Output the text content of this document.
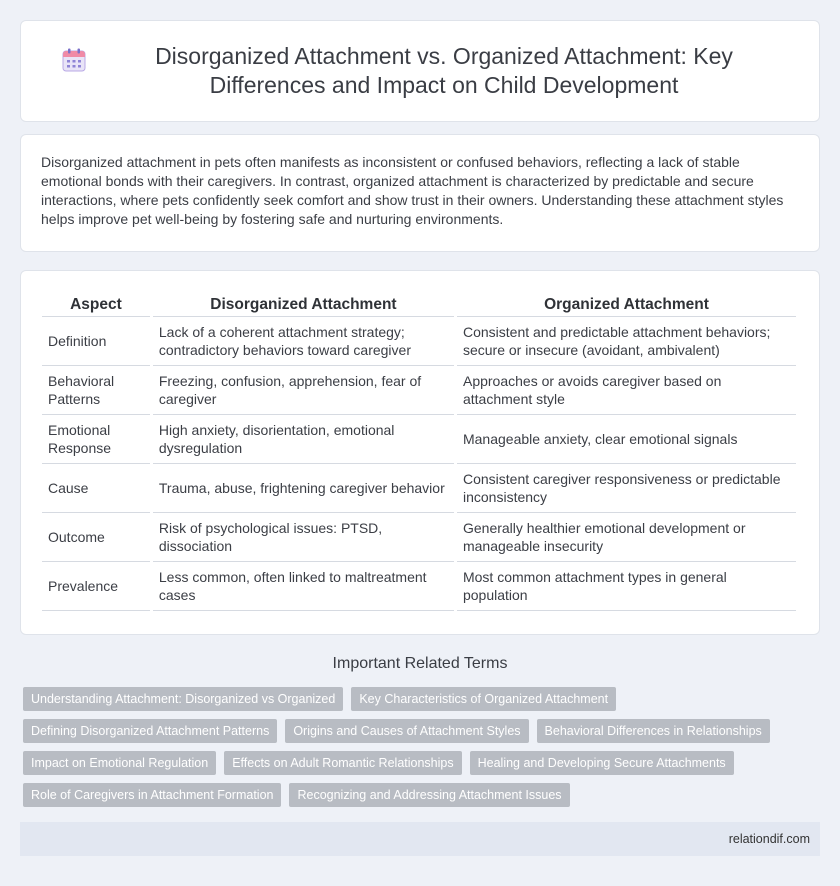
Disorganized Attachment vs. Organized Attachment: Key Differences and Impact on Child Development

Disorganized attachment in pets often manifests as inconsistent or confused behaviors, reflecting a lack of stable emotional bonds with their caregivers. In contrast, organized attachment is characterized by predictable and secure interactions, where pets confidently seek comfort and show trust in their owners. Understanding these attachment styles helps improve pet well-being by fostering safe and nurturing environments.

Aspect	Disorganized Attachment	Organized Attachment
Definition	Lack of a coherent attachment strategy; contradictory behaviors toward caregiver	Consistent and predictable attachment behaviors; secure or insecure (avoidant, ambivalent)
Behavioral Patterns	Freezing, confusion, apprehension, fear of caregiver	Approaches or avoids caregiver based on attachment style
Emotional Response	High anxiety, disorientation, emotional dysregulation	Manageable anxiety, clear emotional signals
Cause	Trauma, abuse, frightening caregiver behavior	Consistent caregiver responsiveness or predictable inconsistency
Outcome	Risk of psychological issues: PTSD, dissociation	Generally healthier emotional development or manageable insecurity
Prevalence	Less common, often linked to maltreatment cases	Most common attachment types in general population
Important Related Terms
Understanding Attachment: Disorganized vs Organized	Key Characteristics of Organized Attachment
Defining Disorganized Attachment Patterns	Origins and Causes of Attachment Styles	Behavioral Differences in Relationships
Impact on Emotional Regulation	Effects on Adult Romantic Relationships	Healing and Developing Secure Attachments
Role of Caregivers in Attachment Formation	Recognizing and Addressing Attachment Issues
relationdif.com
